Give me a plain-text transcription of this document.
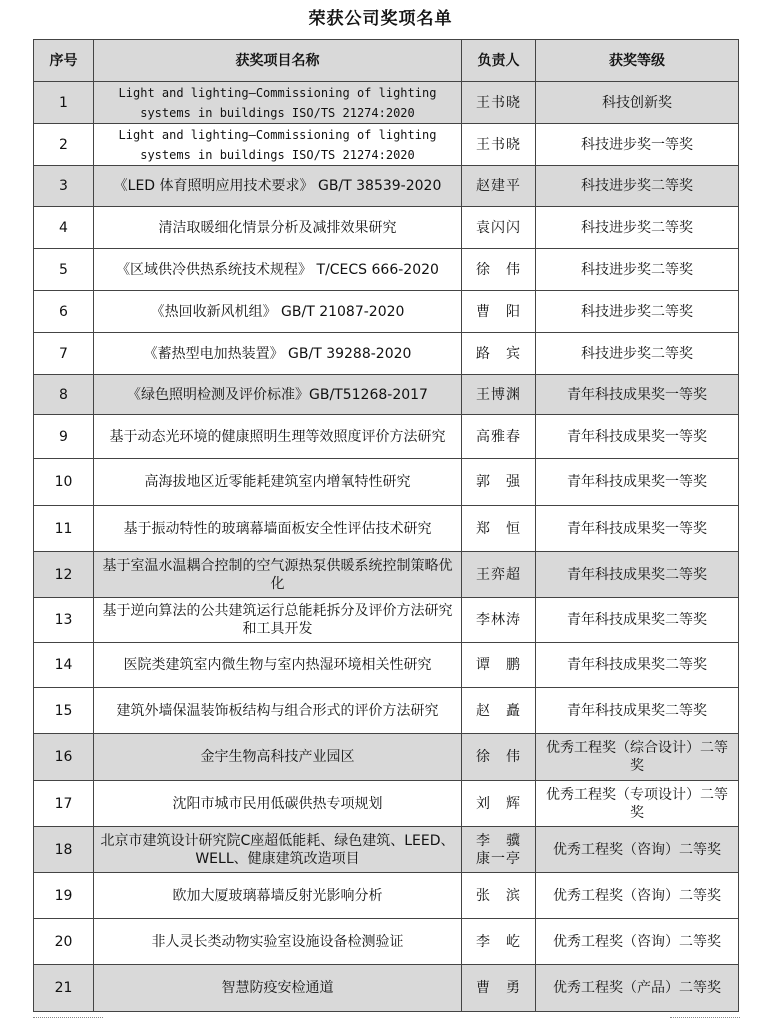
荣获公司奖项名单
序号	获奖项目名称	负责人	获奖等级
1	Light and lighting—Commissioning of lighting systems in buildings ISO/TS 21274:2020	王书晓	科技创新奖
2	Light and lighting—Commissioning of lighting systems in buildings ISO/TS 21274:2020	王书晓	科技进步奖一等奖
3	《LED 体育照明应用技术要求》 GB/T 38539-2020	赵建平	科技进步奖二等奖
4	清洁取暖细化情景分析及减排效果研究	袁闪闪	科技进步奖二等奖
5	《区域供冷供热系统技术规程》 T/CECS 666-2020	徐　伟	科技进步奖二等奖
6	《热回收新风机组》 GB/T 21087-2020	曹　阳	科技进步奖二等奖
7	《蓄热型电加热装置》 GB/T 39288-2020	路　宾	科技进步奖二等奖
8	《绿色照明检测及评价标准》GB/T51268-2017	王博渊	青年科技成果奖一等奖
9	基于动态光环境的健康照明生理等效照度评价方法研究	高雅春	青年科技成果奖一等奖
10	高海拔地区近零能耗建筑室内增氧特性研究	郭　强	青年科技成果奖一等奖
11	基于振动特性的玻璃幕墙面板安全性评估技术研究	郑　恒	青年科技成果奖一等奖
12	基于室温水温耦合控制的空气源热泵供暖系统控制策略优化	王弈超	青年科技成果奖二等奖
13	基于逆向算法的公共建筑运行总能耗拆分及评价方法研究和工具开发	李林涛	青年科技成果奖二等奖
14	医院类建筑室内微生物与室内热湿环境相关性研究	谭　鹏	青年科技成果奖二等奖
15	建筑外墙保温装饰板结构与组合形式的评价方法研究	赵　矗	青年科技成果奖二等奖
16	金宇生物高科技产业园区	徐　伟	优秀工程奖（综合设计）二等奖
17	沈阳市城市民用低碳供热专项规划	刘　辉	优秀工程奖（专项设计）二等奖
18	北京市建筑设计研究院C座超低能耗、绿色建筑、LEED、WELL、健康建筑改造项目	李　骥 康一亭	优秀工程奖（咨询）二等奖
19	欧加大厦玻璃幕墙反射光影响分析	张　滨	优秀工程奖（咨询）二等奖
20	非人灵长类动物实验室设施设备检测验证	李　屹	优秀工程奖（咨询）二等奖
21	智慧防疫安检通道	曹　勇	优秀工程奖（产品）二等奖
